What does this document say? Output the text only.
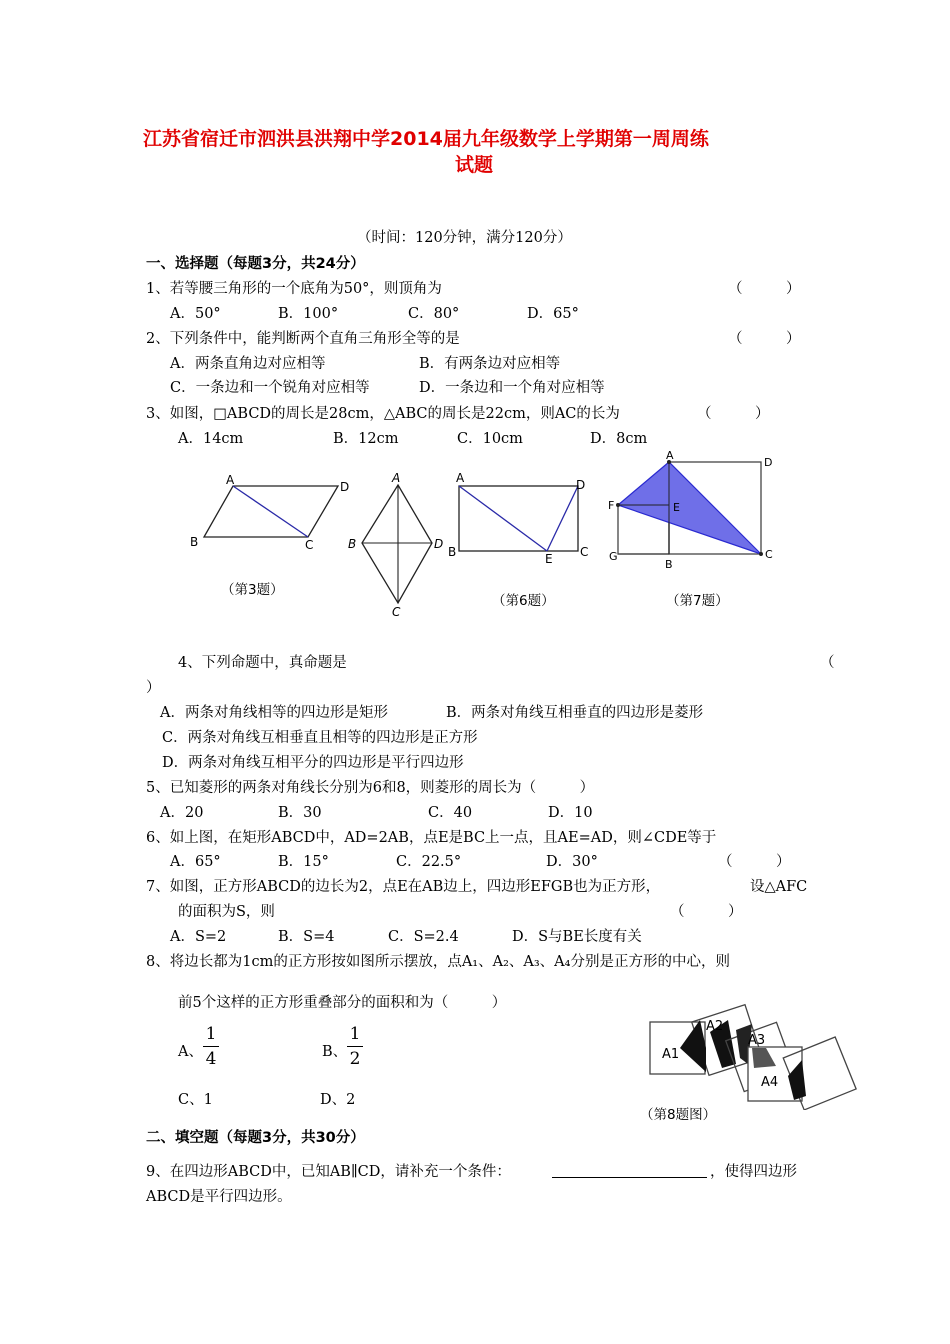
江苏省宿迁市泗洪县洪翔中学2014届九年级数学上学期第一周周练
试题
（时间：120分钟，满分120分）
一、选择题（每题3分，共24分）
1、若等腰三角形的一个底角为50°，则顶角为	（　　　）
A．50°	B．100°	C．80°	D．65°
2、下列条件中，能判断两个直角三角形全等的是	（　　　）
A．两条直角边对应相等	B．有两条边对应相等
C．一条边和一个锐角对应相等	D．一条边和一个角对应相等
3、如图，□ABCD的周长是28cm，△ABC的周长是22cm，则AC的长为	（　　　）
A．14cm	B．12cm	C．10cm	D．8cm
A	D
B	C
A
B	D
C
A	D
B	E C
A
D
F	E
G
B
C
（第3题）
（第6题）	（第7题）
4、下列命题中，真命题是	（
）
A．两条对角线相等的四边形是矩形	B．两条对角线互相垂直的四边形是菱形
C．两条对角线互相垂直且相等的四边形是正方形
D．两条对角线互相平分的四边形是平行四边形
5、已知菱形的两条对角线长分别为6和8，则菱形的周长为（　　　）
A．20	B．30	C．40	D．10
6、如上图，在矩形ABCD中，AD=2AB，点E是BC上一点，且AE=AD，则∠CDE等于
A．65°	B．15°	C．22.5°	D．30°	（　　　）
7、如图，正方形ABCD的边长为2，点E在AB边上，四边形EFGB也为正方形，	设△AFC
的面积为S，则	（　　　）
A．S=2	B．S=4	C．S=2.4	D．S与BE长度有关
8、将边长都为1cm的正方形按如图所示摆放，点A₁、A₂、A₃、A₄分别是正方形的中心，则
前5个这样的正方形重叠部分的面积和为（　　　）
A、
1
4	B、
1
2
C、1	D、2
A1
A2
A3
A4
（第8题图）
二、填空题（每题3分，共30分）
9、在四边形ABCD中，已知AB∥CD，请补充一个条件：	，使得四边形
ABCD是平行四边形。
